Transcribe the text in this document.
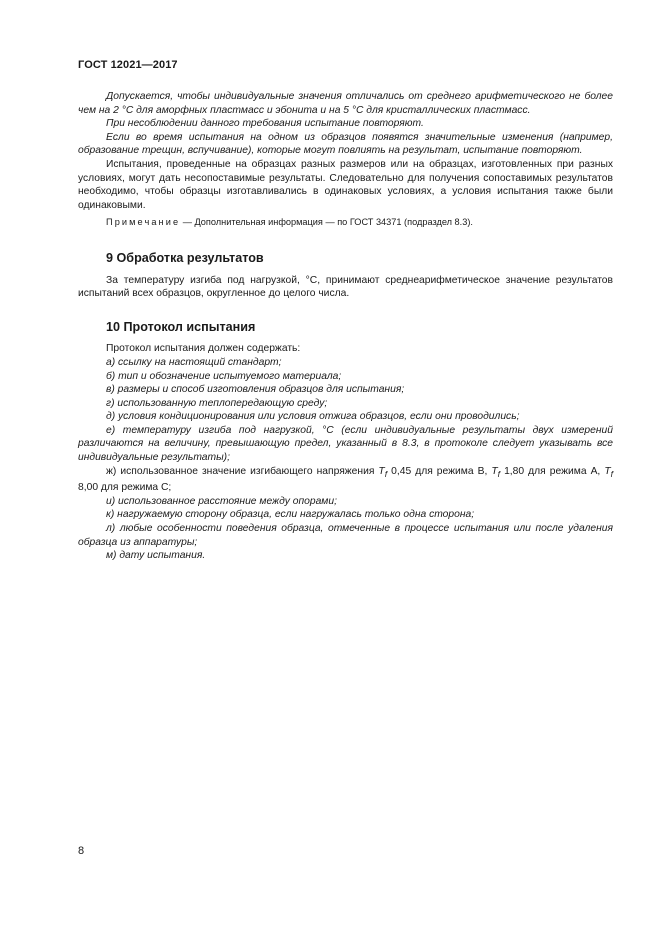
ГОСТ 12021—2017

Допускается, чтобы индивидуальные значения отличались от среднего арифметического не более чем на 2 °C для аморфных пластмасс и эбонита и на 5 °C для кристаллических пластмасс.

При несоблюдении данного требования испытание повторяют.

Если во время испытания на одном из образцов появятся значительные изменения (например, образование трещин, вспучивание), которые могут повлиять на результат, испытание повторяют.

Испытания, проведенные на образцах разных размеров или на образцах, изготовленных при разных условиях, могут дать несопоставимые результаты. Следовательно для получения сопоставимых результатов необходимо, чтобы образцы изготавливались в одинаковых условиях, а условия испытания также были одинаковыми.

Примечание — Дополнительная информация — по ГОСТ 34371 (подраздел 8.3).

9 Обработка результатов

За температуру изгиба под нагрузкой, °C, принимают среднеарифметическое значение результатов испытаний всех образцов, округленное до целого числа.

10 Протокол испытания

Протокол испытания должен содержать:

а) ссылку на настоящий стандарт;

б) тип и обозначение испытуемого материала;

в) размеры и способ изготовления образцов для испытания;

г) использованную теплопередающую среду;

д) условия кондиционирования или условия отжига образцов, если они проводились;

е) температуру изгиба под нагрузкой, °C (если индивидуальные результаты двух измерений различаются на величину, превышающую предел, указанный в 8.3, в протоколе следует указывать все индивидуальные результаты);

ж) использованное значение изгибающего напряжения $T_f$ 0,45 для режима В, $T_f$ 1,80 для режима А, $T_f$ 8,00 для режима С;

и) использованное расстояние между опорами;

к) нагружаемую сторону образца, если нагружалась только одна сторона;

л) любые особенности поведения образца, отмеченные в процессе испытания или после удаления образца из аппаратуры;

м) дату испытания.

8
